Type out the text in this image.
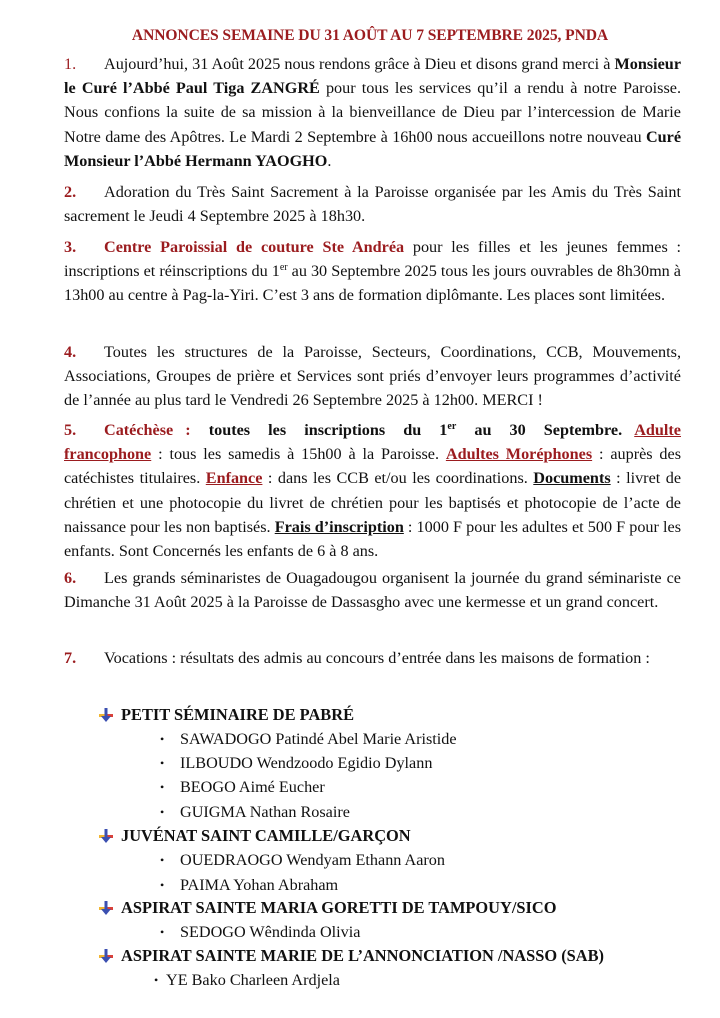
ANNONCES SEMAINE DU 31 AOÛT AU 7 SEPTEMBRE 2025, PNDA
1. Aujourd’hui, 31 Août 2025 nous rendons grâce à Dieu et disons grand merci à Monsieur le Curé l’Abbé Paul Tiga ZANGRÉ pour tous les services qu’il a rendu à notre Paroisse. Nous confions la suite de sa mission à la bienveillance de Dieu par l’intercession de Marie Notre dame des Apôtres. Le Mardi 2 Septembre à 16h00 nous accueillons notre nouveau Curé Monsieur l’Abbé Hermann YAOGHO.
2. Adoration du Très Saint Sacrement à la Paroisse organisée par les Amis du Très Saint sacrement le Jeudi 4 Septembre 2025 à 18h30.
3. Centre Paroissial de couture Ste Andréa pour les filles et les jeunes femmes : inscriptions et réinscriptions du 1er au 30 Septembre 2025 tous les jours ouvrables de 8h30mn à 13h00 au centre à Pag-la-Yiri. C’est 3 ans de formation diplômante. Les places sont limitées.
4. Toutes les structures de la Paroisse, Secteurs, Coordinations, CCB, Mouvements, Associations, Groupes de prière et Services sont priés d’envoyer leurs programmes d’activité de l’année au plus tard le Vendredi 26 Septembre 2025 à 12h00. MERCI !
5. Catéchèse : toutes les inscriptions du 1er au 30 Septembre. Adulte francophone : tous les samedis à 15h00 à la Paroisse. Adultes Moréphones : auprès des catéchistes titulaires. Enfance : dans les CCB et/ou les coordinations. Documents : livret de chrétien et une photocopie du livret de chrétien pour les baptisés et photocopie de l’acte de naissance pour les non baptisés. Frais d’inscription : 1000 F pour les adultes et 500 F pour les enfants. Sont Concernés les enfants de 6 à 8 ans.
6. Les grands séminaristes de Ouagadougou organisent la journée du grand séminariste ce Dimanche 31 Août 2025 à la Paroisse de Dassasgho avec une kermesse et un grand concert.
7. Vocations : résultats des admis au concours d’entrée dans les maisons de formation :
PETIT SÉMINAIRE DE PABRÉ
• SAWADOGO Patindé Abel Marie Aristide
• ILBOUDO Wendzoodo Egidio Dylann
• BEOGO Aimé Eucher
• GUIGMA Nathan Rosaire
JUVÉNAT SAINT CAMILLE/GARÇON
• OUEDRAOGO Wendyam Ethann Aaron
• PAIMA Yohan Abraham
ASPIRAT SAINTE MARIA GORETTI DE TAMPOUY/SICO
• SEDOGO Wêndinda Olivia
ASPIRAT SAINTE MARIE DE L’ANNONCIATION /NASSO (SAB)
• YE Bako Charleen Ardjela
